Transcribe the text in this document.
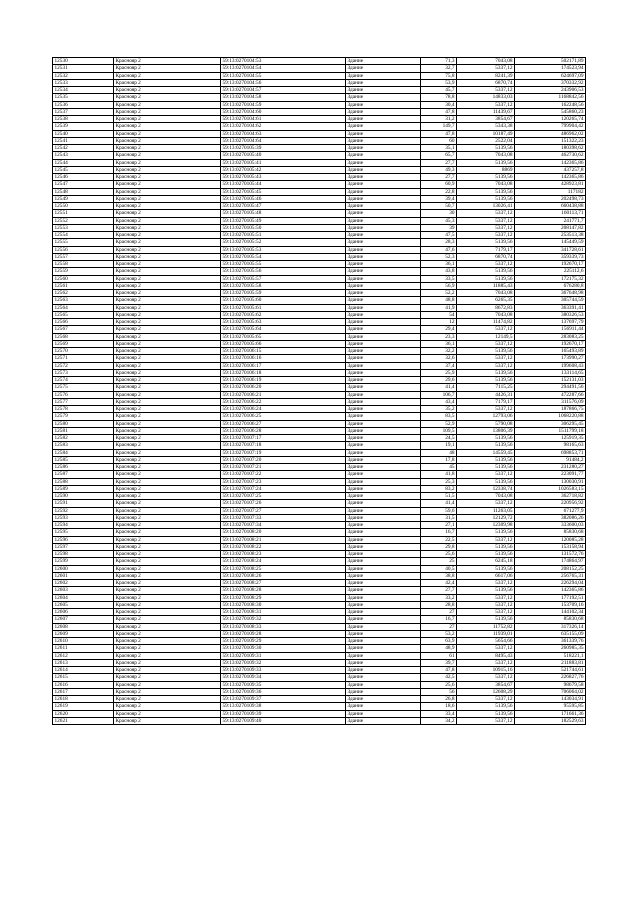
12530	Краснояр 2	59:13:0270104:53	Здание	71,3	7043,08	502171,89
12531	Краснояр 2	59:13:0270104:54	Здание	32,7	5337,12	174523,94
12532	Краснояр 2	59:13:0270104:55	Здание	75,8	8241,39	624697,09
12533	Краснояр 2	59:13:0270104:56	Здание	53,9	6870,74	370332,92
12534	Краснояр 2	59:13:0270104:57	Здание	45,7	5337,12	243906,53
12535	Краснояр 2	59:13:0270104:58	Здание	78,8	14833,03	1168842,56
12536	Краснояр 2	59:13:0270104:59	Здание	30,4	5337,12	162248,56
12537	Краснояр 2	59:13:0270104:60	Здание	47,8	11439,67	545860,23
12538	Краснояр 2	59:13:0270104:61	Здание	31,2	3854,67	120265,74
12539	Краснояр 2	59:13:0270104:62	Здание	149,7	5343,38	799904,42
12540	Краснояр 2	59:13:0270104:63	Здание	47,8	10187,49	486962,02
12541	Краснояр 2	59:13:0270104:64	Здание	60	2522,04	151322,23
12542	Краснояр 2	59:13:0270105:39	Здание	35,1	5139,56	180398,62
12543	Краснояр 2	59:13:0270105:40	Здание	65,7	7043,08	462730,62
12544	Краснояр 2	59:13:0270105:41	Здание	27,7	5139,56	142365,86
12545	Краснояр 2	59:13:0270105:42	Здание	49,3	8869	437257,8
12546	Краснояр 2	59:13:0270105:43	Здание	27,7	5139,56	142365,86
12547	Краснояр 2	59:13:0270105:44	Здание	60,9	7043,08	428923,81
12548	Краснояр 2	59:13:0270105:45	Здание	22,8	5139,56	117182
12549	Краснояр 2	59:13:0270105:46	Здание	39,4	5139,56	202498,73
12550	Краснояр 2	59:13:0270105:47	Здание	50,7	13026,41	660438,88
12551	Краснояр 2	59:13:0270105:48	Здание	30	5337,12	160113,71
12552	Краснояр 2	59:13:0270105:49	Здание	45,3	5337,12	241771,7
12553	Краснояр 2	59:13:0270105:50	Здание	39	5337,12	208147,82
12554	Краснояр 2	59:13:0270105:51	Здание	47,5	5337,12	253513,38
12555	Краснояр 2	59:13:0270105:52	Здание	28,3	5139,56	145449,59
12556	Краснояр 2	59:13:0270105:53	Здание	47,6	7179,17	341728,61
12557	Краснояр 2	59:13:0270105:54	Здание	52,3	6870,74	359339,73
12558	Краснояр 2	59:13:0270105:55	Здание	36,1	5337,12	192670,17
12559	Краснояр 2	59:13:0270105:56	Здание	43,8	5139,56	225112,6
12560	Краснояр 2	59:13:0270105:57	Здание	33,5	5139,56	172175,32
12561	Краснояр 2	59:13:0270105:58	Здание	56,9	11885,43	676280,8
12562	Краснояр 2	59:13:0270105:59	Здание	52,2	7043,08	367648,98
12563	Краснояр 2	59:13:0270105:60	Здание	48,8	6265,35	305744,59
12564	Краснояр 2	59:13:0270105:61	Здание	41,9	8672,83	363391,41
12565	Краснояр 2	59:13:0270105:62	Здание	54	7043,08	380326,53
12566	Краснояр 2	59:13:0270105:63	Здание	12	11474,82	137697,79
12567	Краснояр 2	59:13:0270105:64	Здание	29,4	5337,12	156911,44
12568	Краснояр 2	59:13:0270105:65	Здание	23,3	12149,5	283083,25
12569	Краснояр 2	59:13:0270105:66	Здание	36,1	5337,12	192670,17
12570	Краснояр 2	59:13:0270106:15	Здание	32,2	5139,56	165493,89
12571	Краснояр 2	59:13:0270106:16	Здание	32,6	5337,12	173990,27
12572	Краснояр 2	59:13:0270106:17	Здание	37,4	5337,12	199608,43
12573	Краснояр 2	59:13:0270106:18	Здание	25,9	5139,56	133114,65
12574	Краснояр 2	59:13:0270106:19	Здание	29,6	5139,56	152131,03
12575	Краснояр 2	59:13:0270106:20	Здание	41,4	7115,25	294491,56
12576	Краснояр 2	59:13:0270106:21	Здание	106,7	4426,31	472287,66
12577	Краснояр 2	59:13:0270106:22	Здание	43,4	7179,17	311576,09
12578	Краснояр 2	59:13:0270106:24	Здание	35,2	5337,12	187866,75
12579	Краснояр 2	59:13:0270106:25	Здание	83,5	12793,06	1068220,88
12580	Краснояр 2	59:13:0270106:27	Здание	52,9	5790,08	306295,45
12581	Краснояр 2	59:13:0270106:28	Здание	109,5	13806,39	1511799,18
12582	Краснояр 2	59:13:0270107:17	Здание	24,5	5139,56	125919,35
12583	Краснояр 2	59:13:0270107:18	Здание	19,1	5139,56	98165,63
12584	Краснояр 2	59:13:0270107:19	Здание	48	14559,45	698853,71
12585	Краснояр 2	59:13:0270107:20	Здание	17,8	5139,56	91484,2
12586	Краснояр 2	59:13:0270107:21	Здание	45	5139,56	231280,27
12587	Краснояр 2	59:13:0270107:22	Здание	41,8	5337,12	223091,77
12588	Краснояр 2	59:13:0270107:23	Здание	25,3	5139,56	130030,91
12589	Краснояр 2	59:13:0270107:24	Здание	83,2	12338,74	1026583,15
12590	Краснояр 2	59:13:0270107:25	Здание	51,5	7043,08	362718,82
12591	Краснояр 2	59:13:0270107:26	Здание	41,4	5337,12	220956,92
12592	Краснояр 2	59:13:0270107:27	Здание	59,6	11263,05	671277,9
12593	Краснояр 2	59:13:0270107:33	Здание	31,5	12129,72	382086,26
12594	Краснояр 2	59:13:0270107:34	Здание	27,1	12309,98	333600,03
12595	Краснояр 2	59:13:0270108:20	Здание	16,7	5139,56	85830,68
12596	Краснояр 2	59:13:0270108:21	Здание	22,5	5337,12	120085,28
12597	Краснояр 2	59:13:0270108:22	Здание	29,8	5139,56	153158,94
12598	Краснояр 2	59:13:0270108:23	Здание	25,6	5139,56	131572,76
12599	Краснояр 2	59:13:0270108:24	Здание	25	6245,18	174864,97
12600	Краснояр 2	59:13:0270108:25	Здание	40,5	5139,56	208152,25
12601	Краснояр 2	59:13:0270108:26	Здание	38,8	6617,06	256765,31
12602	Краснояр 2	59:13:0270108:27	Здание	42,4	5337,12	226294,04
12603	Краснояр 2	59:13:0270108:28	Здание	27,7	5139,56	142365,86
12604	Краснояр 2	59:13:0270108:29	Здание	33,2	5337,12	177192,51
12605	Краснояр 2	59:13:0270108:30	Здание	28,8	5337,12	153709,16
12606	Краснояр 2	59:13:0270108:31	Здание	27	5337,12	144102,34
12607	Краснояр 2	59:13:0270109:32	Здание	16,7	5139,56	85830,68
12608	Краснояр 2	59:13:0270108:33	Здание	27	11752,82	317326,14
12609	Краснояр 2	59:13:0270109:28	Здание	53,2	11939,01	635155,09
12610	Краснояр 2	59:13:0270109:29	Здание	63,9	5654,66	361339,76
12611	Краснояр 2	59:13:0270109:30	Здание	48,9	5337,12	260985,35
12612	Краснояр 2	59:13:0270109:31	Здание	61	8495,43	518221,1
12613	Краснояр 2	59:13:0270109:32	Здание	39,7	5337,12	211883,81
12614	Краснояр 2	59:13:0270109:33	Здание	47,8	10915,16	521744,61
12615	Краснояр 2	59:13:0270109:34	Здание	42,5	5337,12	226827,76
12616	Краснояр 2	59:13:0270109:35	Здание	25,6	3854,67	98679,58
12617	Краснояр 2	59:13:0270109:36	Здание	56	12608,29	706064,02
12618	Краснояр 2	59:13:0270109:37	Здание	26,8	5337,12	143034,91
12619	Краснояр 2	59:13:0270109:38	Здание	18,6	5139,56	95595,85
12620	Краснояр 2	59:13:0270109:39	Здание	33,4	5139,56	171661,36
12621	Краснояр 2	59:13:0270109:40	Здание	34,2	5337,12	182529,63
